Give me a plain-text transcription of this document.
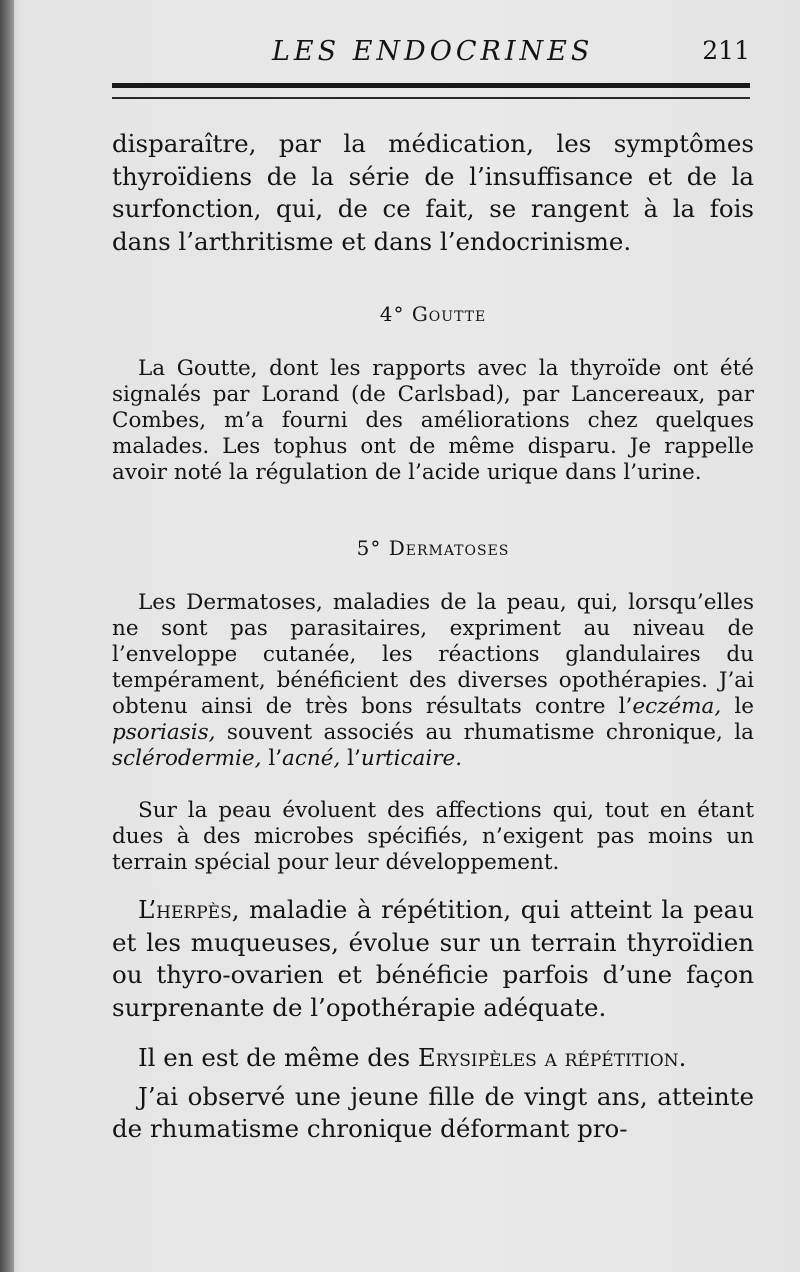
LES ENDOCRINES	211

disparaître, par la médication, les symptômes thyroïdiens de la série de l’insuffisance et de la surfonction, qui, de ce fait, se rangent à la fois dans l’arthritisme et dans l’endocrinisme.

4° Goutte

La Goutte, dont les rapports avec la thyroïde ont été signalés par Lorand (de Carlsbad), par Lancereaux, par Combes, m’a fourni des améliorations chez quelques malades. Les tophus ont de même disparu. Je rappelle avoir noté la régulation de l’acide urique dans l’urine.

5° Dermatoses

Les Dermatoses, maladies de la peau, qui, lorsqu’elles ne sont pas parasitaires, expriment au niveau de l’enveloppe cutanée, les réactions glandulaires du tempérament, bénéficient des diverses opothérapies. J’ai obtenu ainsi de très bons résultats contre l’eczéma, le psoriasis, souvent associés au rhumatisme chronique, la sclérodermie, l’acné, l’urticaire.

Sur la peau évoluent des affections qui, tout en étant dues à des microbes spécifiés, n’exigent pas moins un terrain spécial pour leur développement.

L’herpès, maladie à répétition, qui atteint la peau et les muqueuses, évolue sur un terrain thyroïdien ou thyro-ovarien et bénéficie parfois d’une façon surprenante de l’opothérapie adéquate.

Il en est de même des Erysipèles a répétition.

J’ai observé une jeune fille de vingt ans, atteinte de rhumatisme chronique déformant pro-
